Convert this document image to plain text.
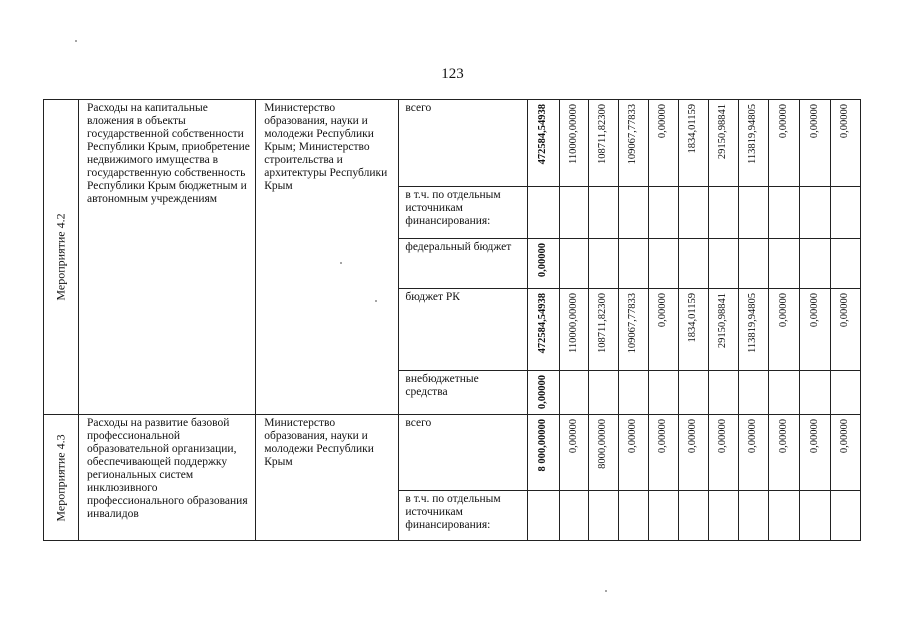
123
Мероприятие 4.2	Расходы на капитальные вложения в объекты государственной собственности Республики Крым, приобретение недвижимого имущества в государственную собственность Республики Крым бюджетным и автономным учреждениям	Министерство образования, науки и молодежи Республики Крым; Министерство строительства и архитектуры Республики Крым	всего	472584,54938	110000,00000	108711,82300	109067,77833	0,00000	1834,01159	29150,98841	113819,94805	0,00000	0,00000	0,00000

			в т.ч. по отдельным источникам финансирования:	

			федеральный бюджет	0,00000										

			бюджет РК	472584,54938	110000,00000	108711,82300	109067,77833	0,00000	1834,01159	29150,98841	113819,94805	0,00000	0,00000	0,00000

			внебюджетные средства	0,00000										

Мероприятие 4.3	Расходы на развитие базовой профессиональной образовательной организации, обеспечивающей поддержку региональных систем инклюзивного профессионального образования инвалидов	Министерство образования, науки и молодежи Республики Крым	всего	8 000,00000	0,00000	8000,00000	0,00000	0,00000	0,00000	0,00000	0,00000	0,00000	0,00000	0,00000

			в т.ч. по отдельным источникам финансирования:	
